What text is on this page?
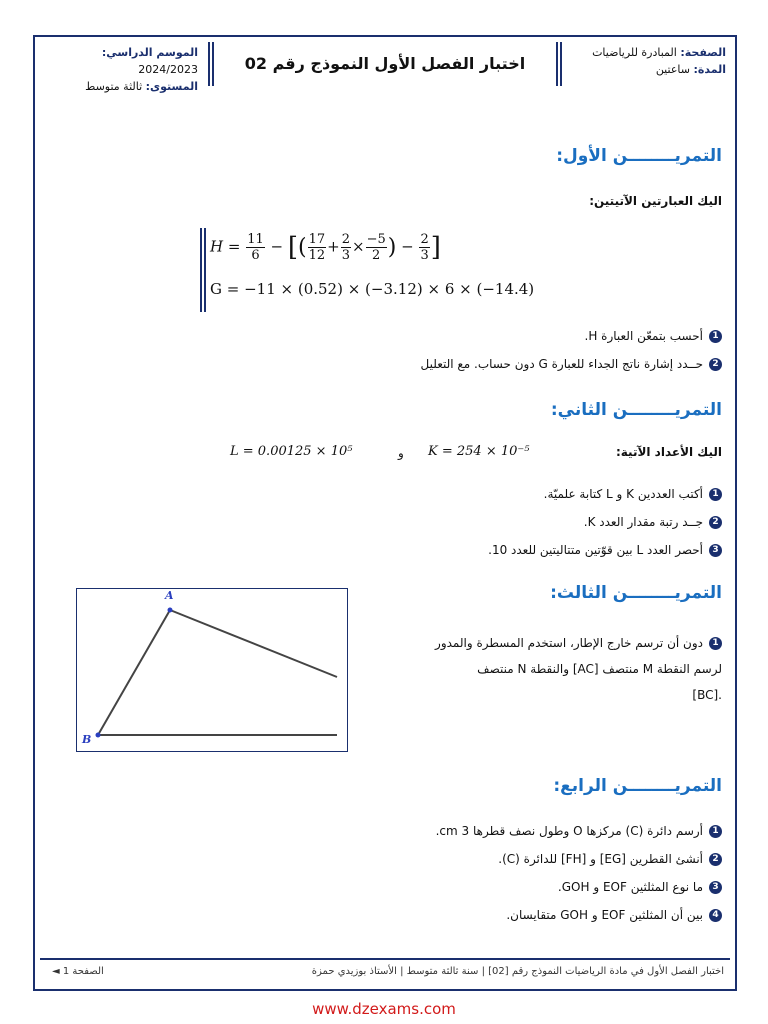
الصفحة: المبادرة للرياضيات
المدة: ساعتين
اختبار الفصل الأول النموذج رقم 02
الموسم الدراسي: 2024/2023
المستوى: ثالثة متوسط
التمريــــــــن الأول:
اليك العبارتين الآتيتين:
$H = \frac{11}{6}$ − [( $\frac{17}{12} + \frac{2}{3} \times \frac{-5}{2}$ ) − $\frac{2}{3}$ ]
G = −11 × (0.52) × (−3.12) × 6 × (−14.4)
1أحسب بتمعّن العبارة H.
2حــدد إشارة ناتج الجداء للعبارة G دون حساب. مع التعليل
التمريــــــــن الثاني:
اليك الأعداد الآتية:
K = 254 × 10⁻⁵
و
L = 0.00125 × 10⁵
1أكتب العددين K و L كتابة علميّة.
2جــد رتبة مقدار العدد K.
3أحصر العدد L بين قوّتين متتاليتين للعدد 10.
التمريــــــــن الثالث:
1دون أن ترسم خارج الإطار، استخدم المسطرة والمدور
لرسم النقطة M منتصف [AC] والنقطة N منتصف
.[BC]
A
B
التمريــــــــن الرابع:
1أرسم دائرة (C) مركزها O وطول نصف قطرها 3 cm.
2أنشئ القطرين [EG] و [FH] للدائرة (C).
3ما نوع المثلثين EOF و GOH.
4بين أن المثلثين EOF و GOH متقايسان.
اختبار الفصل الأول في مادة الرياضيات النموذج رقم [02] | سنة ثالثة متوسط | الأستاذ بوزيدي حمزة
الصفحة 1 ◄
www.dzexams.com
